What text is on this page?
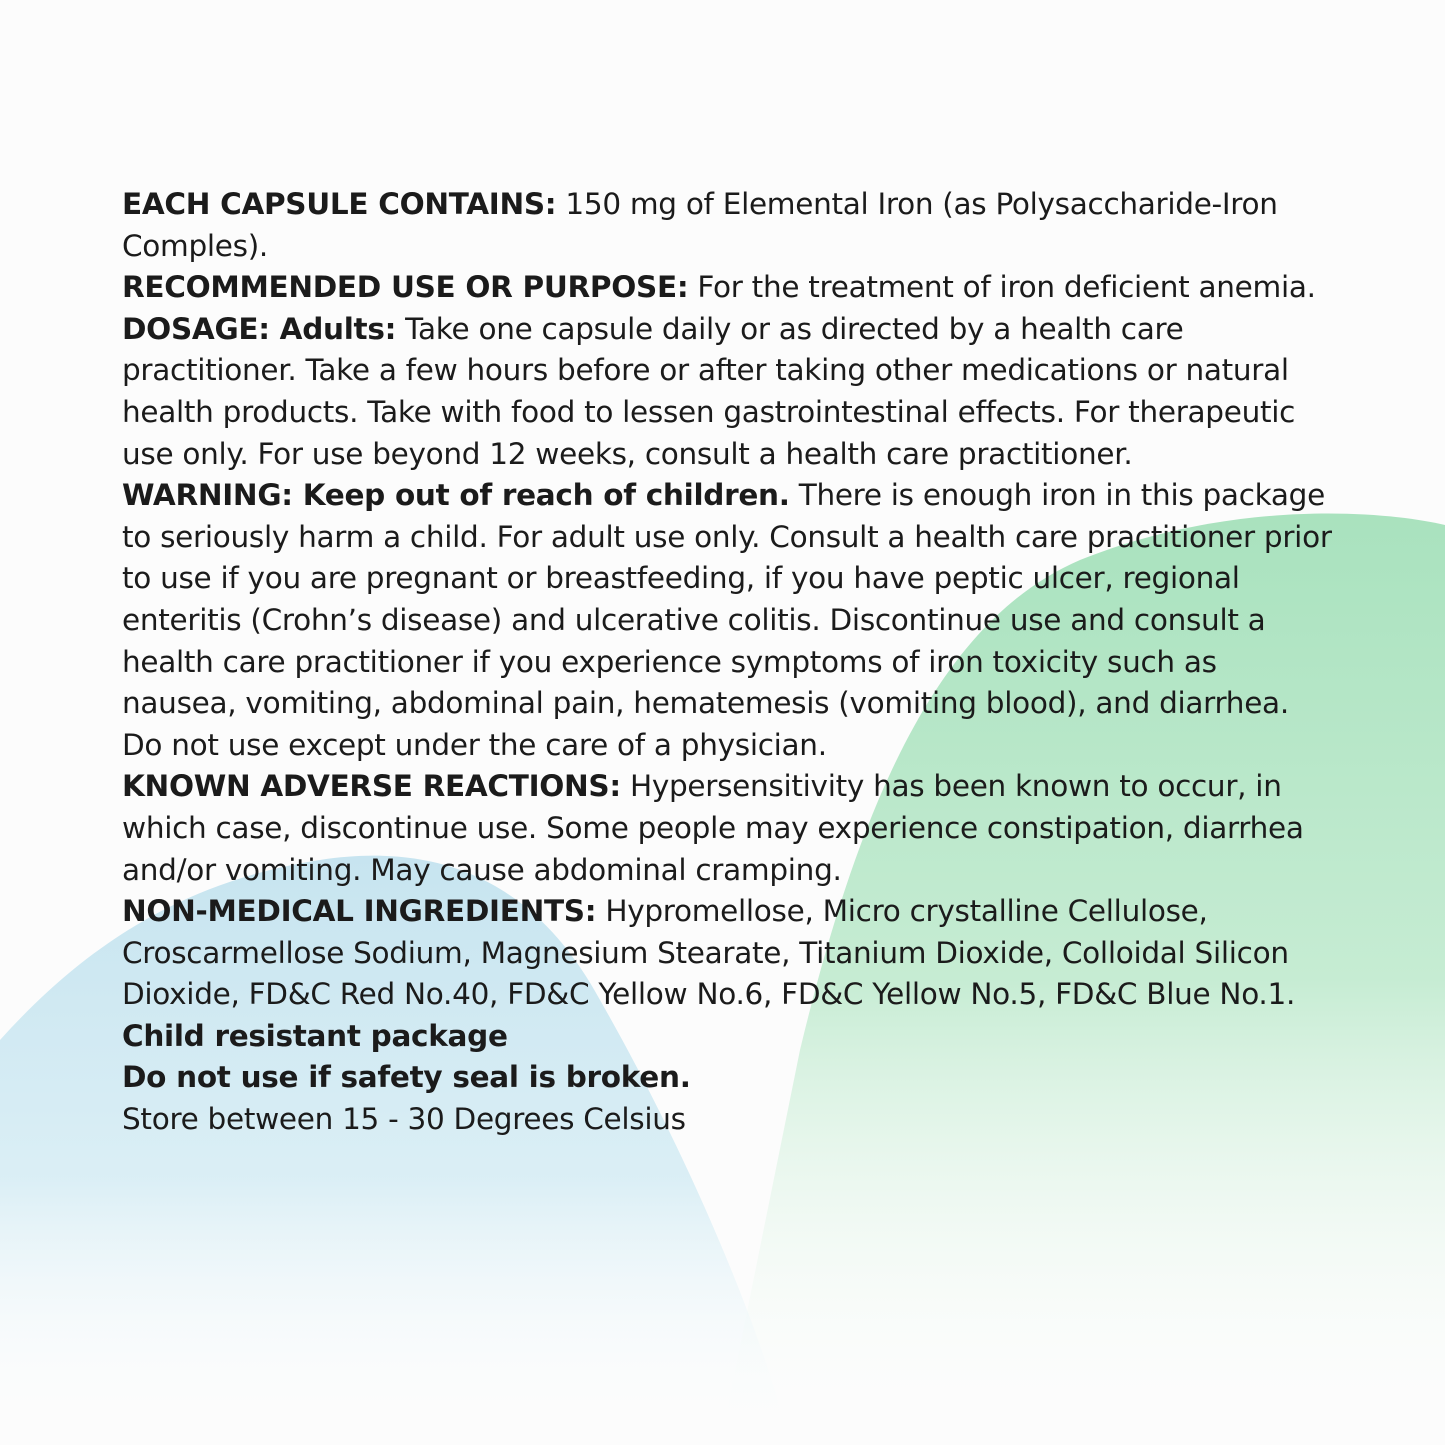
EACH CAPSULE CONTAINS: 150 mg of Elemental Iron (as Polysaccharide-Iron Comples).

RECOMMENDED USE OR PURPOSE: For the treatment of iron deficient anemia.

DOSAGE: Adults: Take one capsule daily or as directed by a health care practitioner. Take a few hours before or after taking other medications or natural health products. Take with food to lessen gastrointestinal effects. For therapeutic use only. For use beyond 12 weeks, consult a health care practitioner.

WARNING: Keep out of reach of children. There is enough iron in this package to seriously harm a child. For adult use only. Consult a health care practitioner prior to use if you are pregnant or breastfeeding, if you have peptic ulcer, regional enteritis (Crohn’s disease) and ulcerative colitis. Discontinue use and consult a health care practitioner if you experience symptoms of iron toxicity such as nausea, vomiting, abdominal pain, hematemesis (vomiting blood), and diarrhea. Do not use except under the care of a physician.

KNOWN ADVERSE REACTIONS: Hypersensitivity has been known to occur, in which case, discontinue use. Some people may experience constipation, diarrhea and/or vomiting. May cause abdominal cramping.

NON-MEDICAL INGREDIENTS: Hypromellose, Micro crystalline Cellulose, Croscarmellose Sodium, Magnesium Stearate, Titanium Dioxide, Colloidal Silicon Dioxide, FD&C Red No.40, FD&C Yellow No.6, FD&C Yellow No.5, FD&C Blue No.1.

Child resistant package

Do not use if safety seal is broken.

Store between 15 - 30 Degrees Celsius
